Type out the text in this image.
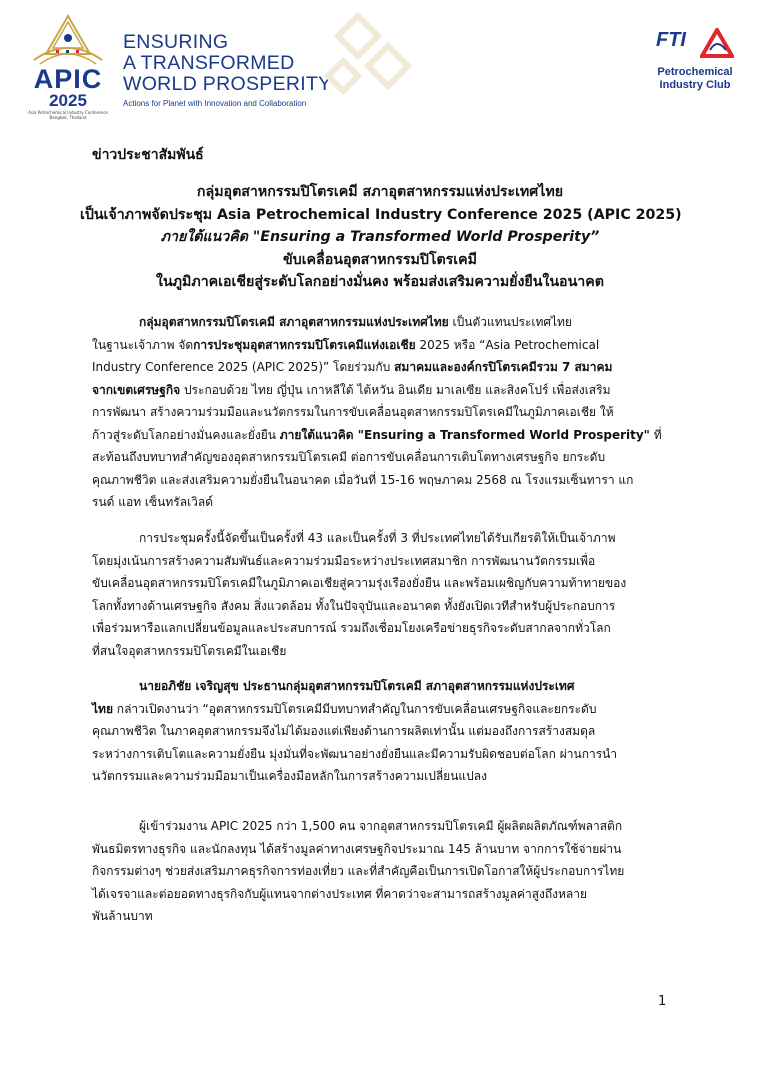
APIC
2025
Asia Petrochemical Industry Conference
Bangkok, Thailand
ENSURING
A TRANSFORMED
WORLD PROSPERITY
Actions for Planet with Innovation and Collaboration
FTI
Petrochemical
Industry Club
ข่าวประชาสัมพันธ์
กลุ่มอุตสาหกรรมปิโตรเคมี สภาอุตสาหกรรมแห่งประเทศไทย
เป็นเจ้าภาพจัดประชุม Asia Petrochemical Industry Conference 2025 (APIC 2025)
ภายใต้แนวคิด "Ensuring a Transformed World Prosperity”
ขับเคลื่อนอุตสาหกรรมปิโตรเคมี
ในภูมิภาคเอเชียสู่ระดับโลกอย่างมั่นคง พร้อมส่งเสริมความยั่งยืนในอนาคต
กลุ่มอุตสาหกรรมปิโตรเคมี สภาอุตสาหกรรมแห่งประเทศไทย เป็นตัวแทนประเทศไทย
ในฐานะเจ้าภาพ จัดการประชุมอุตสาหกรรมปิโตรเคมีแห่งเอเชีย 2025 หรือ “Asia Petrochemical
Industry Conference 2025 (APIC 2025)” โดยร่วมกับ สมาคมและองค์กรปิโตรเคมีรวม 7 สมาคม
จากเขตเศรษฐกิจ ประกอบด้วย ไทย ญี่ปุ่น เกาหลีใต้ ไต้หวัน อินเดีย มาเลเซีย และสิงคโปร์ เพื่อส่งเสริม
การพัฒนา สร้างความร่วมมือและนวัตกรรมในการขับเคลื่อนอุตสาหกรรมปิโตรเคมีในภูมิภาคเอเชีย ให้
ก้าวสู่ระดับโลกอย่างมั่นคงและยั่งยืน ภายใต้แนวคิด "Ensuring a Transformed World Prosperity" ที่
สะท้อนถึงบทบาทสำคัญของอุตสาหกรรมปิโตรเคมี ต่อการขับเคลื่อนการเติบโตทางเศรษฐกิจ ยกระดับ
คุณภาพชีวิต และส่งเสริมความยั่งยืนในอนาคต เมื่อวันที่ 15-16 พฤษภาคม 2568 ณ โรงแรมเซ็นทารา แก
รนด์ แอท เซ็นทรัลเวิลด์
การประชุมครั้งนี้จัดขึ้นเป็นครั้งที่ 43 และเป็นครั้งที่ 3 ที่ประเทศไทยได้รับเกียรติให้เป็นเจ้าภาพ
โดยมุ่งเน้นการสร้างความสัมพันธ์และความร่วมมือระหว่างประเทศสมาชิก การพัฒนานวัตกรรมเพื่อ
ขับเคลื่อนอุตสาหกรรมปิโตรเคมีในภูมิภาคเอเชียสู่ความรุ่งเรืองยั่งยืน และพร้อมเผชิญกับความท้าทายของ
โลกทั้งทางด้านเศรษฐกิจ สังคม สิ่งแวดล้อม ทั้งในปัจจุบันและอนาคต ทั้งยังเปิดเวทีสำหรับผู้ประกอบการ
เพื่อร่วมหารือแลกเปลี่ยนข้อมูลและประสบการณ์ รวมถึงเชื่อมโยงเครือข่ายธุรกิจระดับสากลจากทั่วโลก
ที่สนใจอุตสาหกรรมปิโตรเคมีในเอเชีย
นายอภิชัย เจริญสุข ประธานกลุ่มอุตสาหกรรมปิโตรเคมี สภาอุตสาหกรรมแห่งประเทศ
ไทย กล่าวเปิดงานว่า “อุตสาหกรรมปิโตรเคมีมีบทบาทสำคัญในการขับเคลื่อนเศรษฐกิจและยกระดับ
คุณภาพชีวิต ในภาคอุตสาหกรรมจึงไม่ได้มองแต่เพียงด้านการผลิตเท่านั้น แต่มองถึงการสร้างสมดุล
ระหว่างการเติบโตและความยั่งยืน มุ่งมั่นที่จะพัฒนาอย่างยั่งยืนและมีความรับผิดชอบต่อโลก ผ่านการนำ
นวัตกรรมและความร่วมมือมาเป็นเครื่องมือหลักในการสร้างความเปลี่ยนแปลง
ผู้เข้าร่วมงาน APIC 2025 กว่า 1,500 คน จากอุตสาหกรรมปิโตรเคมี ผู้ผลิตผลิตภัณฑ์พลาสติก
พันธมิตรทางธุรกิจ และนักลงทุน ได้สร้างมูลค่าทางเศรษฐกิจประมาณ 145 ล้านบาท จากการใช้จ่ายผ่าน
กิจกรรมต่างๆ ช่วยส่งเสริมภาคธุรกิจการท่องเที่ยว และที่สำคัญคือเป็นการเปิดโอกาสให้ผู้ประกอบการไทย
ได้เจรจาและต่อยอดทางธุรกิจกับผู้แทนจากต่างประเทศ ที่คาดว่าจะสามารถสร้างมูลค่าสูงถึงหลาย
พันล้านบาท
1
